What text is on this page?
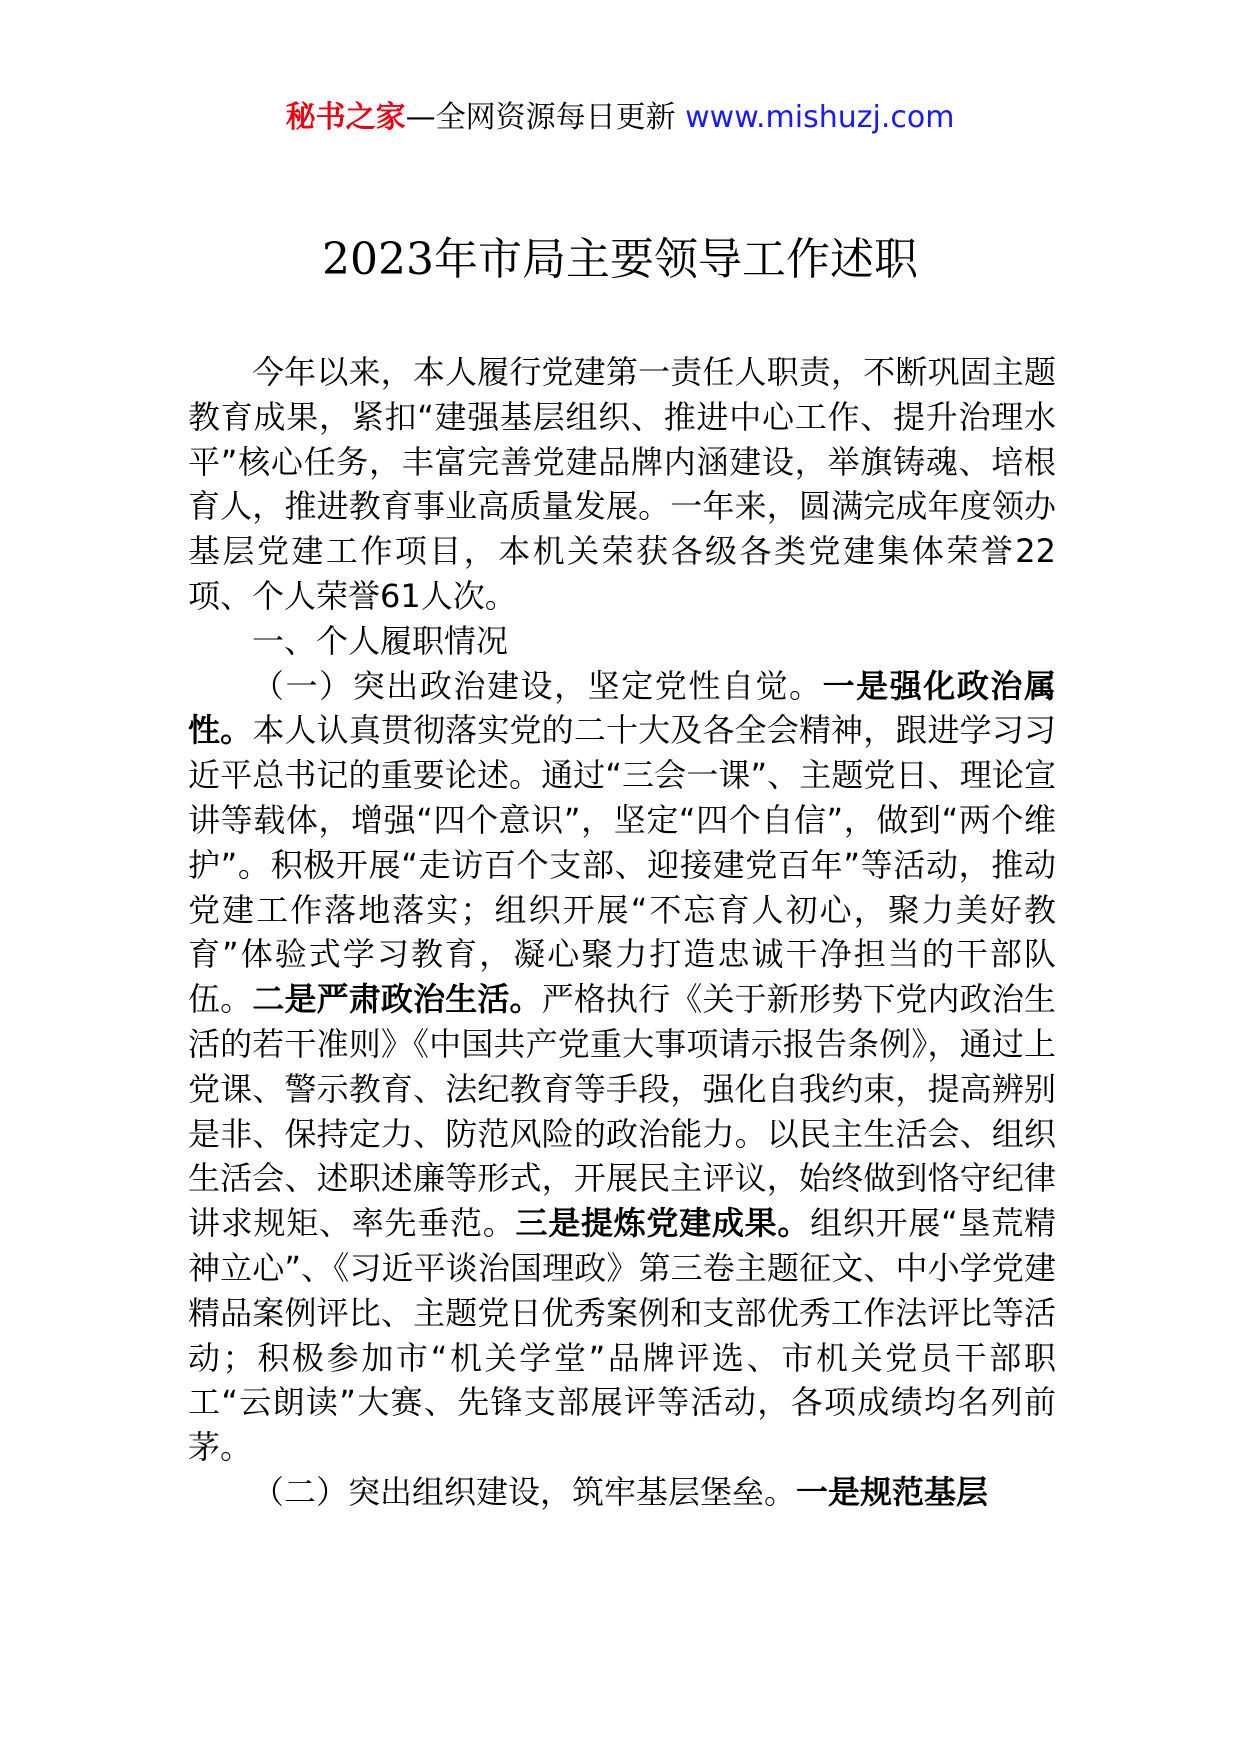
秘书之家—全网资源每日更新 www.mishuzj.com
2023年市局主要领导工作述职

今年以来，本人履行党建第一责任人职责，不断巩固主题教育成果，紧扣“建强基层组织、推进中心工作、提升治理水平”核心任务，丰富完善党建品牌内涵建设，举旗铸魂、培根育人，推进教育事业高质量发展。一年来，圆满完成年度领办基层党建工作项目，本机关荣获各级各类党建集体荣誉22项、个人荣誉61人次。

一、个人履职情况

（一）突出政治建设，坚定党性自觉。一是强化政治属性。本人认真贯彻落实党的二十大及各全会精神，跟进学习习近平总书记的重要论述。通过“三会一课”、主题党日、理论宣讲等载体，增强“四个意识”，坚定“四个自信”，做到“两个维护”。积极开展“走访百个支部、迎接建党百年”等活动，推动党建工作落地落实；组织开展“不忘育人初心，聚力美好教育”体验式学习教育，凝心聚力打造忠诚干净担当的干部队伍。二是严肃政治生活。严格执行《关于新形势下党内政治生活的若干准则》《中国共产党重大事项请示报告条例》，通过上党课、警示教育、法纪教育等手段，强化自我约束，提高辨别是非、保持定力、防范风险的政治能力。以民主生活会、组织生活会、述职述廉等形式，开展民主评议，始终做到恪守纪律讲求规矩、率先垂范。三是提炼党建成果。组织开展“垦荒精神立心”、《习近平谈治国理政》第三卷主题征文、中小学党建精品案例评比、主题党日优秀案例和支部优秀工作法评比等活动；积极参加市“机关学堂”品牌评选、市机关党员干部职工“云朗读”大赛、先锋支部展评等活动，各项成绩均名列前茅。

（二）突出组织建设，筑牢基层堡垒。一是规范基层
